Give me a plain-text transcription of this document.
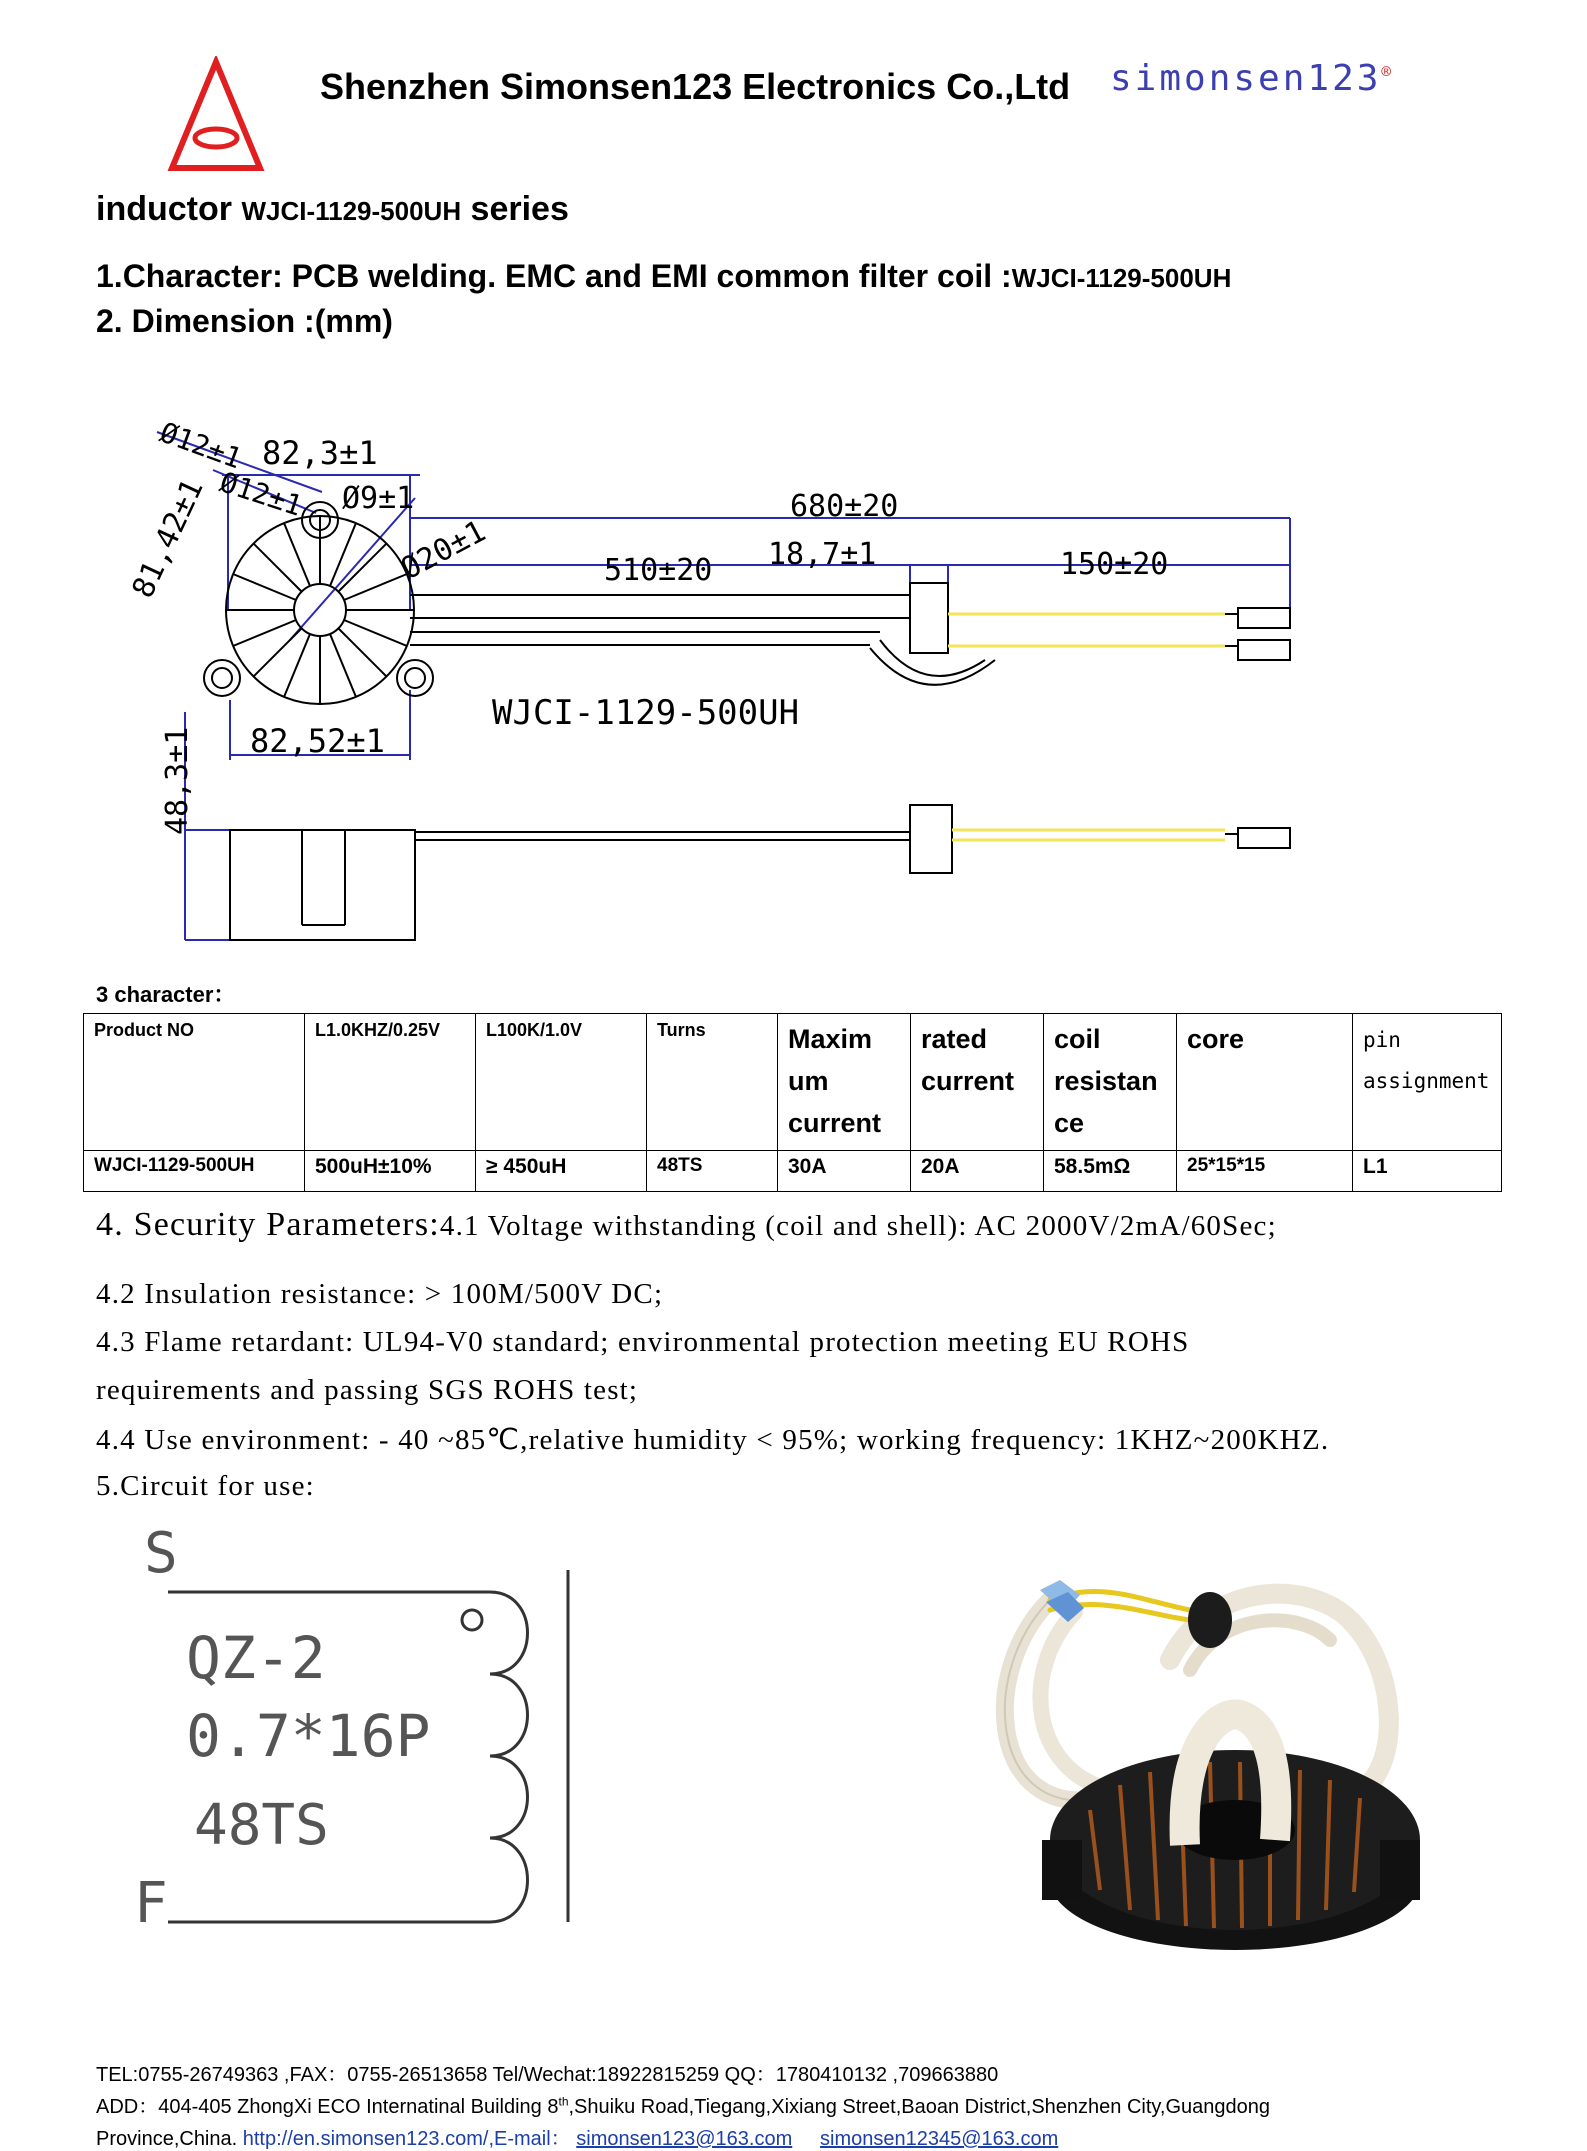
Shenzhen Simonsen123 Electronics Co.,Ltd simonsen123®
inductor WJCI-1129-500UH series
1.Character: PCB welding. EMC and EMI common filter coil :WJCI-1129-500UH
2. Dimension :(mm)
Ø12±1 82,3±1
81,42±1 Ø12±1 Ø9±1
Ø20±1
680±20
510±20 18,7±1	150±20
82,52±1
48,3±1
WJCI-1129-500UH
3 character：
Product NO	L1.0KHZ/0.25V	L100K/1.0V	Turns	Maxim
um
current	rated
current	coil
resistan
ce	core	pin
assignment
WJCI-1129-500UH	500uH±10%	≥ 450uH	48TS	30A	20A	58.5mΩ	25*15*15	L1
4. Security Parameters:4.1 Voltage withstanding (coil and shell): AC 2000V/2mA/60Sec;
4.2 Insulation resistance: > 100M/500V DC;
4.3 Flame retardant: UL94-V0 standard; environmental protection meeting EU ROHS
requirements and passing SGS ROHS test;
4.4 Use environment: - 40 ~85℃,relative humidity < 95%; working frequency: 1KHZ~200KHZ.
5.Circuit for use:
S
QZ-2
0.7*16P
48TS
F
TEL:0755-26749363 ,FAX：0755-26513658 Tel/Wechat:18922815259 QQ：1780410132 ,709663880
ADD：404-405 ZhongXi ECO Internatinal Building 8th,Shuiku Road,Tiegang,Xixiang Street,Baoan District,Shenzhen City,Guangdong
Province,China. http://en.simonsen123.com/,E-mail： simonsen123@163.com simonsen12345@163.com
